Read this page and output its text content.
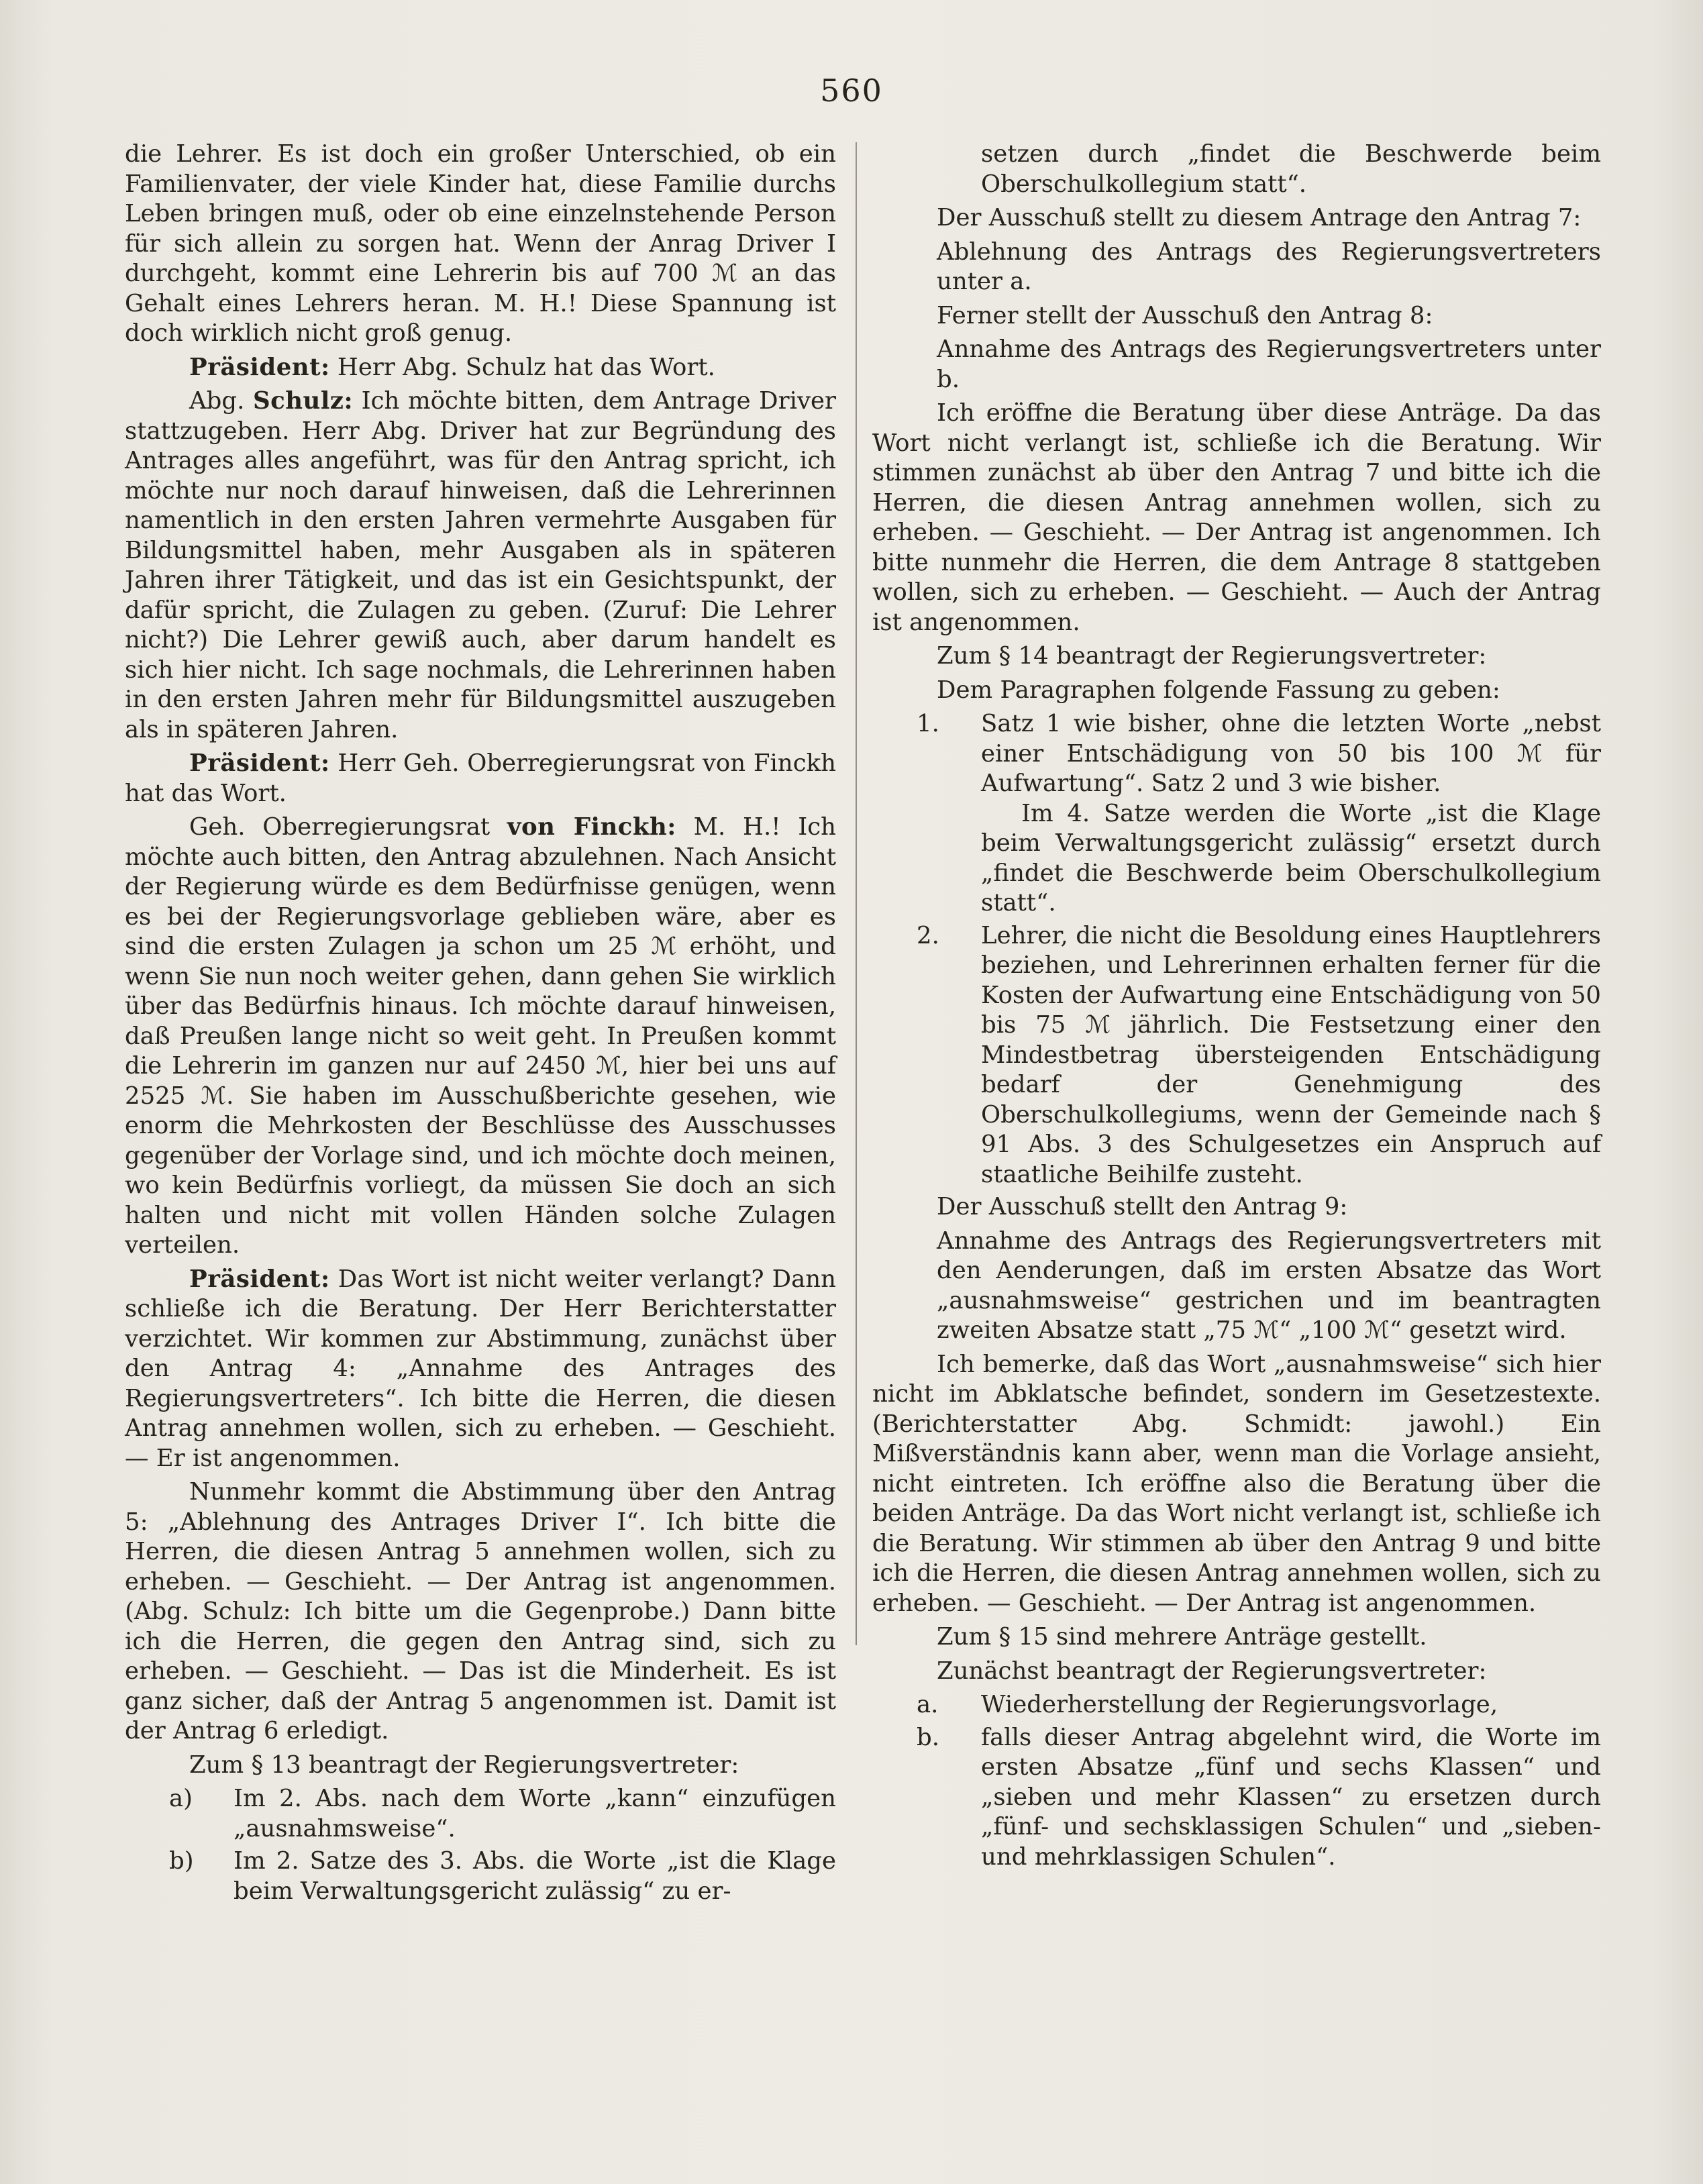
560

die Lehrer. Es ist doch ein großer Unterschied, ob ein Familienvater, der viele Kinder hat, diese Familie durchs Leben bringen muß, oder ob eine einzelnstehende Person für sich allein zu sorgen hat. Wenn der Anrag Driver I durchgeht, kommt eine Lehrerin bis auf 700 ℳ an das Gehalt eines Lehrers heran. M. H.! Diese Spannung ist doch wirklich nicht groß genug.

Präsident: Herr Abg. Schulz hat das Wort.

Abg. Schulz: Ich möchte bitten, dem Antrage Driver stattzugeben. Herr Abg. Driver hat zur Begründung des Antrages alles angeführt, was für den Antrag spricht, ich möchte nur noch darauf hinweisen, daß die Lehrerinnen namentlich in den ersten Jahren vermehrte Ausgaben für Bildungsmittel haben, mehr Ausgaben als in späteren Jahren ihrer Tätigkeit, und das ist ein Gesichtspunkt, der dafür spricht, die Zulagen zu geben. (Zuruf: Die Lehrer nicht?) Die Lehrer gewiß auch, aber darum handelt es sich hier nicht. Ich sage nochmals, die Lehrerinnen haben in den ersten Jahren mehr für Bildungsmittel auszugeben als in späteren Jahren.

Präsident: Herr Geh. Oberregierungsrat von Finckh hat das Wort.

Geh. Oberregierungsrat von Finckh: M. H.! Ich möchte auch bitten, den Antrag abzulehnen. Nach Ansicht der Regierung würde es dem Bedürfnisse genügen, wenn es bei der Regierungsvorlage geblieben wäre, aber es sind die ersten Zulagen ja schon um 25 ℳ erhöht, und wenn Sie nun noch weiter gehen, dann gehen Sie wirklich über das Bedürfnis hinaus. Ich möchte darauf hinweisen, daß Preußen lange nicht so weit geht. In Preußen kommt die Lehrerin im ganzen nur auf 2450 ℳ, hier bei uns auf 2525 ℳ. Sie haben im Ausschußberichte gesehen, wie enorm die Mehrkosten der Beschlüsse des Ausschusses gegenüber der Vorlage sind, und ich möchte doch meinen, wo kein Bedürfnis vorliegt, da müssen Sie doch an sich halten und nicht mit vollen Händen solche Zulagen verteilen.

Präsident: Das Wort ist nicht weiter verlangt? Dann schließe ich die Beratung. Der Herr Berichterstatter verzichtet. Wir kommen zur Abstimmung, zunächst über den Antrag 4: „Annahme des Antrages des Regierungsvertreters“. Ich bitte die Herren, die diesen Antrag annehmen wollen, sich zu erheben. — Geschieht. — Er ist angenommen.

Nunmehr kommt die Abstimmung über den Antrag 5: „Ablehnung des Antrages Driver I“. Ich bitte die Herren, die diesen Antrag 5 annehmen wollen, sich zu erheben. — Geschieht. — Der Antrag ist angenommen. (Abg. Schulz: Ich bitte um die Gegenprobe.) Dann bitte ich die Herren, die gegen den Antrag sind, sich zu erheben. — Geschieht. — Das ist die Minderheit. Es ist ganz sicher, daß der Antrag 5 angenommen ist. Damit ist der Antrag 6 erledigt.

Zum § 13 beantragt der Regierungsvertreter:

a)	Im 2. Abs. nach dem Worte „kann“ einzufügen „ausnahmsweise“.
b)	Im 2. Satze des 3. Abs. die Worte „ist die Klage beim Verwaltungsgericht zulässig“ zu er-

setzen durch „findet die Beschwerde beim Oberschulkollegium statt“.

Der Ausschuß stellt zu diesem Antrage den Antrag 7:

Ablehnung des Antrags des Regierungsvertreters unter a.

Ferner stellt der Ausschuß den Antrag 8:

Annahme des Antrags des Regierungsvertreters unter b.

Ich eröffne die Beratung über diese Anträge. Da das Wort nicht verlangt ist, schließe ich die Beratung. Wir stimmen zunächst ab über den Antrag 7 und bitte ich die Herren, die diesen Antrag annehmen wollen, sich zu erheben. — Geschieht. — Der Antrag ist angenommen. Ich bitte nunmehr die Herren, die dem Antrage 8 stattgeben wollen, sich zu erheben. — Geschieht. — Auch der Antrag ist angenommen.

Zum § 14 beantragt der Regierungsvertreter:

Dem Paragraphen folgende Fassung zu geben:

1.	Satz 1 wie bisher, ohne die letzten Worte „nebst einer Entschädigung von 50 bis 100 ℳ für Aufwartung“. Satz 2 und 3 wie bisher.
Im 4. Satze werden die Worte „ist die Klage beim Verwaltungsgericht zulässig“ ersetzt durch „findet die Beschwerde beim Oberschulkollegium statt“.
2.	Lehrer, die nicht die Besoldung eines Hauptlehrers beziehen, und Lehrerinnen erhalten ferner für die Kosten der Aufwartung eine Entschädigung von 50 bis 75 ℳ jährlich. Die Festsetzung einer den Mindestbetrag übersteigenden Entschädigung bedarf der Genehmigung des Oberschulkollegiums, wenn der Gemeinde nach § 91 Abs. 3 des Schulgesetzes ein Anspruch auf staatliche Beihilfe zusteht.

Der Ausschuß stellt den Antrag 9:

Annahme des Antrags des Regierungsvertreters mit den Aenderungen, daß im ersten Absatze das Wort „ausnahmsweise“ gestrichen und im beantragten zweiten Absatze statt „75 ℳ“ „100 ℳ“ gesetzt wird.

Ich bemerke, daß das Wort „ausnahmsweise“ sich hier nicht im Abklatsche befindet, sondern im Gesetzestexte. (Berichterstatter Abg. Schmidt: jawohl.) Ein Mißverständnis kann aber, wenn man die Vorlage ansieht, nicht eintreten. Ich eröffne also die Beratung über die beiden Anträge. Da das Wort nicht verlangt ist, schließe ich die Beratung. Wir stimmen ab über den Antrag 9 und bitte ich die Herren, die diesen Antrag annehmen wollen, sich zu erheben. — Geschieht. — Der Antrag ist angenommen.

Zum § 15 sind mehrere Anträge gestellt.

Zunächst beantragt der Regierungsvertreter:

a.	Wiederherstellung der Regierungsvorlage,
b.	falls dieser Antrag abgelehnt wird, die Worte im ersten Absatze „fünf und sechs Klassen“ und „sieben und mehr Klassen“ zu ersetzen durch „fünf- und sechsklassigen Schulen“ und „sieben- und mehrklassigen Schulen“.
